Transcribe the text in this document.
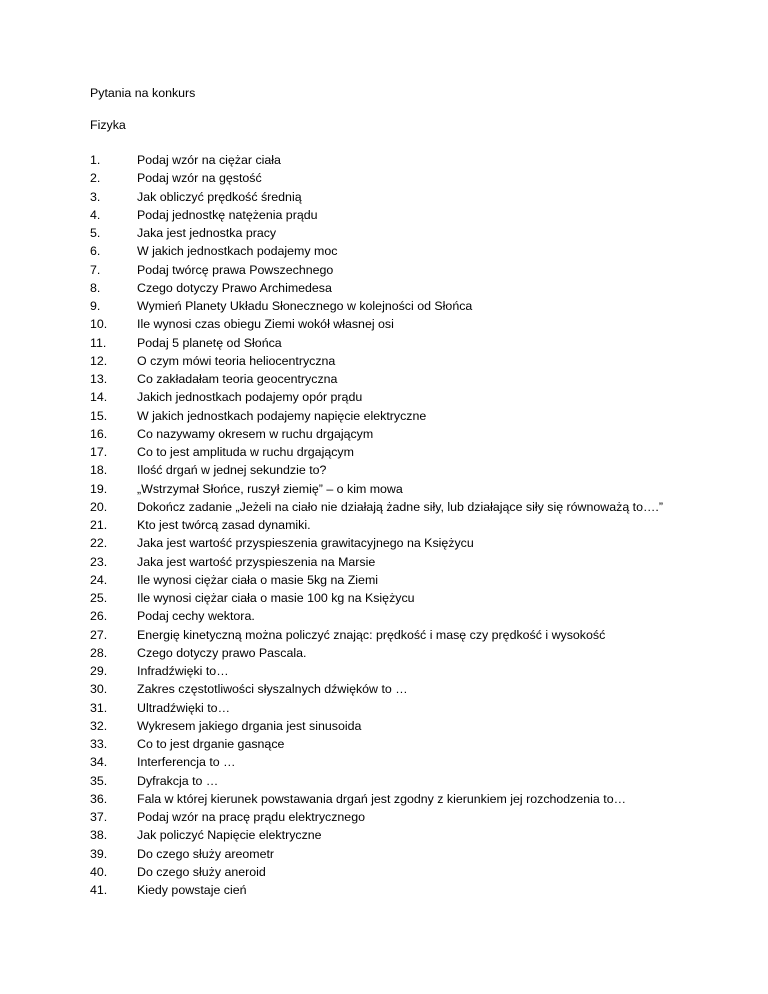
Pytania na konkurs

Fizyka

1.	Podaj wzór na ciężar ciała
2.	Podaj wzór na gęstość
3.	Jak obliczyć prędkość średnią
4.	Podaj jednostkę natężenia prądu
5.	Jaka jest jednostka pracy
6.	W jakich jednostkach podajemy moc
7.	Podaj twórcę prawa Powszechnego
8.	Czego dotyczy Prawo Archimedesa
9.	Wymień Planety Układu Słonecznego w kolejności od Słońca
10.	Ile wynosi czas obiegu Ziemi wokół własnej osi
11.	Podaj 5 planetę od Słońca
12.	O czym mówi teoria heliocentryczna
13.	Co zakładałam teoria geocentryczna
14.	Jakich jednostkach podajemy opór prądu
15.	W jakich jednostkach podajemy napięcie elektryczne
16.	Co nazywamy okresem w ruchu drgającym
17.	Co to jest amplituda w ruchu drgającym
18.	Ilość drgań w jednej sekundzie to?
19.	„Wstrzymał Słońce, ruszył ziemię” – o kim mowa
20.	Dokończ zadanie „Jeżeli na ciało nie działają żadne siły, lub działające siły się równoważą to….”
21.	Kto jest twórcą zasad dynamiki.
22.	Jaka jest wartość przyspieszenia grawitacyjnego na Księżycu
23.	Jaka jest wartość przyspieszenia na Marsie
24.	Ile wynosi ciężar ciała o masie 5kg na Ziemi
25.	Ile wynosi ciężar ciała o masie 100 kg na Księżycu
26.	Podaj cechy wektora.
27.	Energię kinetyczną można policzyć znając: prędkość i masę czy prędkość i wysokość
28.	Czego dotyczy prawo Pascala.
29.	Infradźwięki to…
30.	Zakres częstotliwości słyszalnych dźwięków to …
31.	Ultradźwięki to…
32.	Wykresem jakiego drgania jest sinusoida
33.	Co to jest drganie gasnące
34.	Interferencja to …
35.	Dyfrakcja to …
36.	Fala w której kierunek powstawania drgań jest zgodny z kierunkiem jej rozchodzenia to…
37.	Podaj wzór na pracę prądu elektrycznego
38.	Jak policzyć Napięcie elektryczne
39.	Do czego służy areometr
40.	Do czego służy aneroid
41.	Kiedy powstaje cień
